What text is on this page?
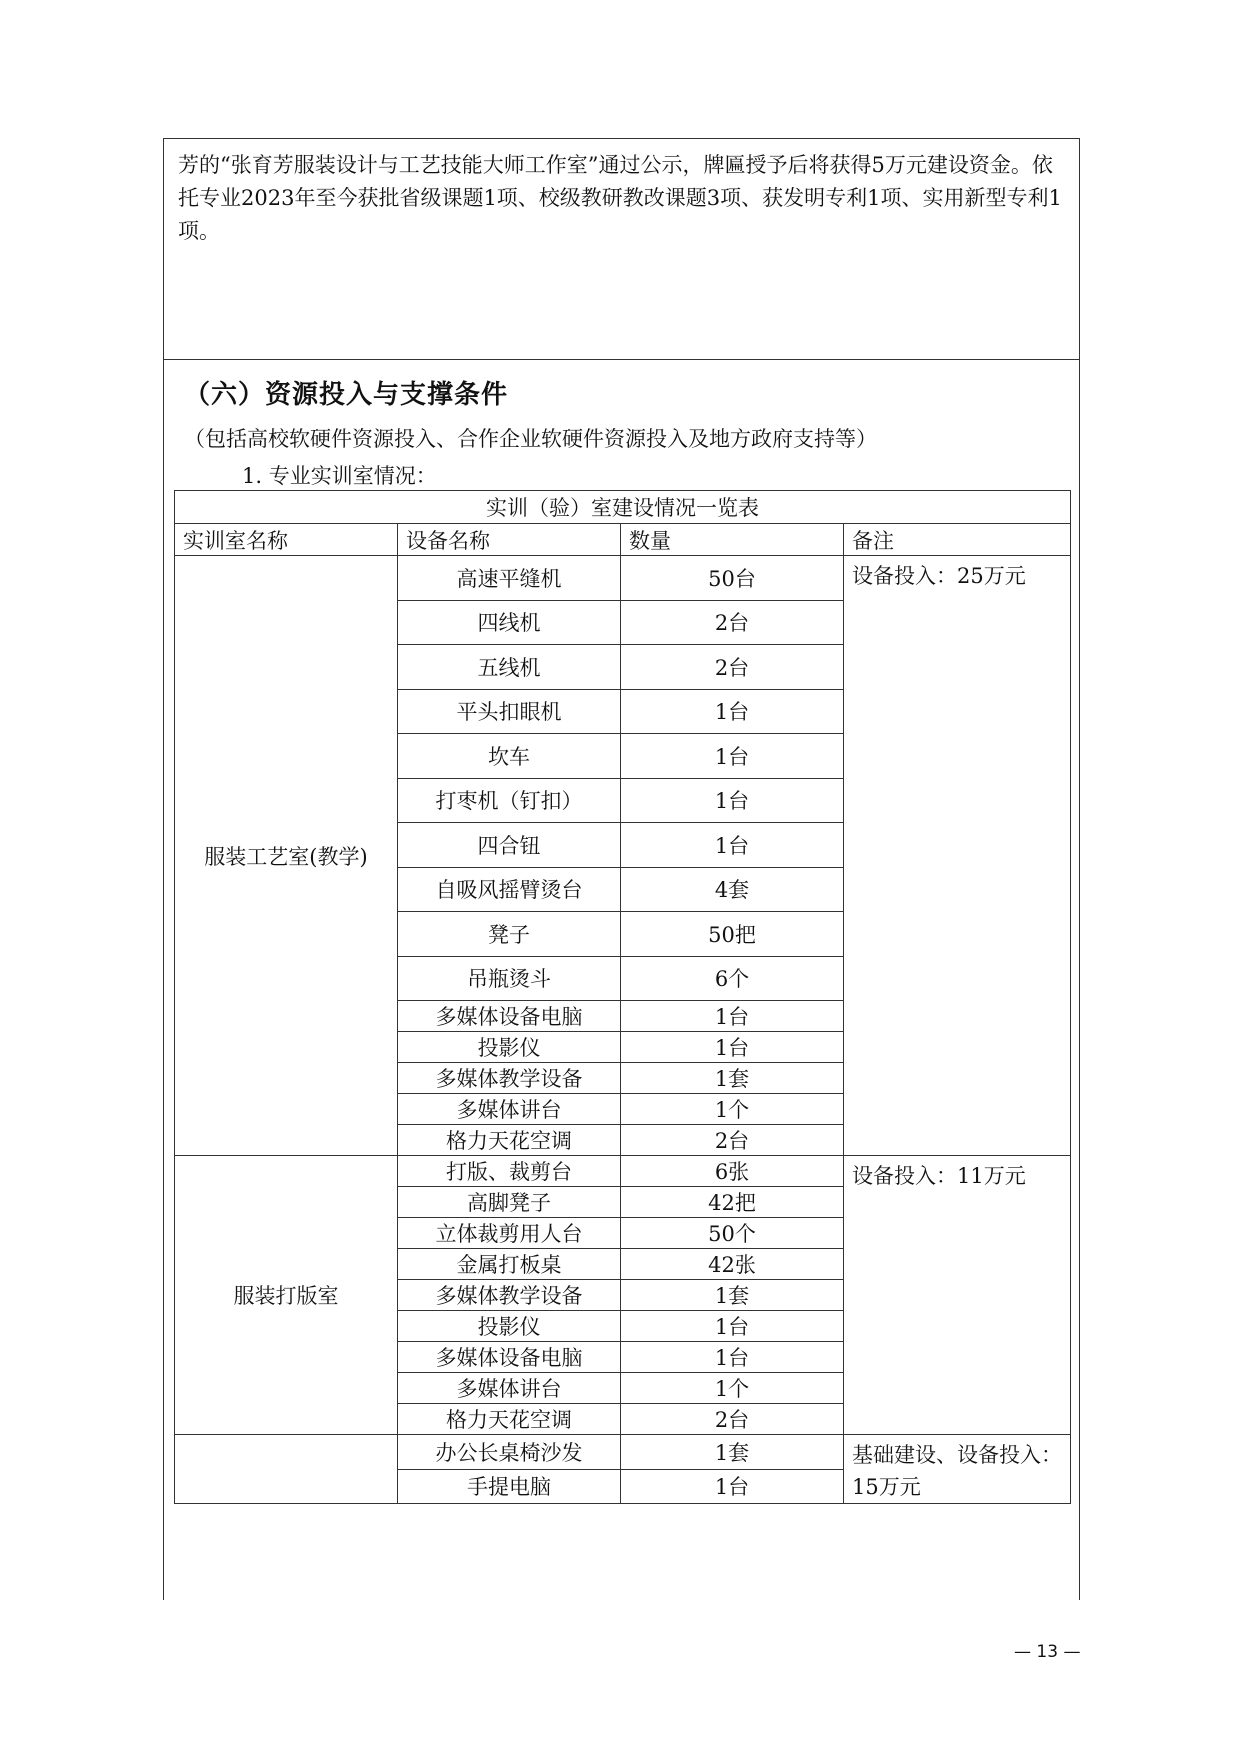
芳的“张育芳服装设计与工艺技能大师工作室”通过公示，牌匾授予后将获得5万元建设资金。依托专业2023年至今获批省级课题1项、校级教研教改课题3项、获发明专利1项、实用新型专利1项。

（六）资源投入与支撑条件

（包括高校软硬件资源投入、合作企业软硬件资源投入及地方政府支持等）

1. 专业实训室情况：

实训（验）室建设情况一览表			
实训室名称	设备名称	数量	备注
服装工艺室(教学)	高速平缝机	50台	设备投入：25万元
	四线机	2台	
	五线机	2台	
	平头扣眼机	1台	
	坎车	1台	
	打枣机（钉扣）	1台	
	四合钮	1台	
	自吸风摇臂烫台	4套	
	凳子	50把	
	吊瓶烫斗	6个	
	多媒体设备电脑	1台	
	投影仪	1台	
	多媒体教学设备	1套	
	多媒体讲台	1个	
	格力天花空调	2台	
服装打版室	打版、裁剪台	6张	设备投入：11万元
	高脚凳子	42把	
	立体裁剪用人台	50个	
	金属打板桌	42张	
	多媒体教学设备	1套	
	投影仪	1台	
	多媒体设备电脑	1台	
	多媒体讲台	1个	
	格力天花空调	2台	
	办公长桌椅沙发	1套	基础建设、设备投入：15万元
	手提电脑	1台	
— 13 —
